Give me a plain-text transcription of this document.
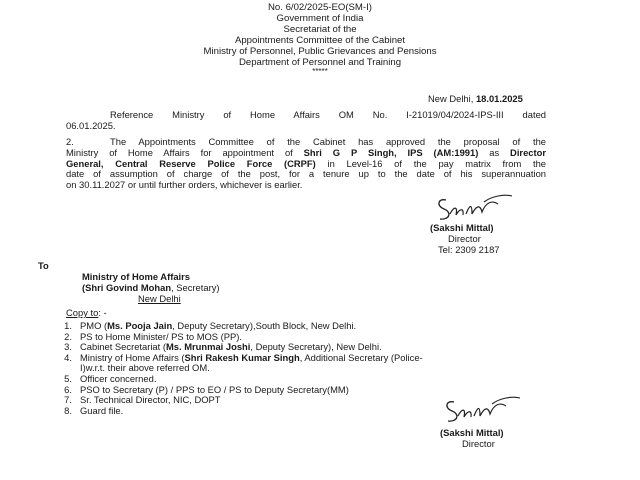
No. 6/02/2025-EO(SM-I)
Government of India
Secretariat of the
Appointments Committee of the Cabinet
Ministry of Personnel, Public Grievances and Pensions
Department of Personnel and Training
*****
New Delhi, 18.01.2025
Reference Ministry of Home Affairs OM No. I-21019/04/2024-IPS-III dated
06.01.2025.
2.	The Appointments Committee of the Cabinet has approved the proposal of the
Ministry of Home Affairs for appointment of Shri G P Singh, IPS (AM:1991) as Director
General, Central Reserve Police Force (CRPF) in Level-16 of the pay matrix from the
date of assumption of charge of the post, for a tenure up to the date of his superannuation
on 30.11.2027 or until further orders, whichever is earlier.
Sakshi
(Sakshi Mittal)
Director
Tel: 2309 2187
To
Ministry of Home Affairs
(Shri Govind Mohan, Secretary)
New Delhi
Copy to: -
1. PMO (Ms. Pooja Jain, Deputy Secretary),South Block, New Delhi.
2. PS to Home Minister/ PS to MOS (PP).
3. Cabinet Secretariat (Ms. Mrunmai Joshi, Deputy Secretary), New Delhi.
4. Ministry of Home Affairs (Shri Rakesh Kumar Singh, Additional Secretary (Police-
I)w.r.t. their above referred OM.
5. Officer concerned.
6. PSO to Secretary (P) / PPS to EO / PS to Deputy Secretary(MM)
7. Sr. Technical Director, NIC, DOPT
8. Guard file.
Sakshi
(Sakshi Mittal)
Director
